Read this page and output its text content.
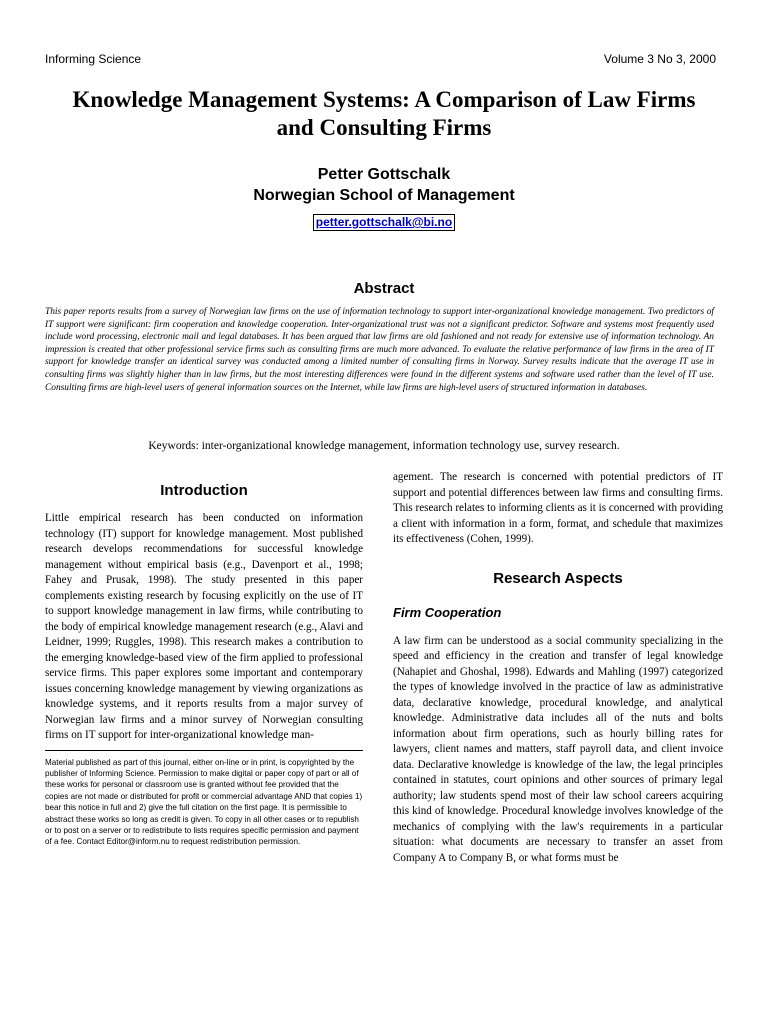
Informing Science	Volume 3 No 3, 2000
Knowledge Management Systems: A Comparison of Law Firms and Consulting Firms
Petter Gottschalk
Norwegian School of Management
petter.gottschalk@bi.no
Abstract

This paper reports results from a survey of Norwegian law firms on the use of information technology to support inter-organizational knowledge management. Two predictors of IT support were significant: firm cooperation and knowledge cooperation. Inter-organizational trust was not a significant predictor. Software and systems most frequently used include word processing, electronic mail and legal databases. It has been argued that law firms are old fashioned and not ready for extensive use of information technology. An impression is created that other professional service firms such as consulting firms are much more advanced. To evaluate the relative performance of law firms in the area of IT support for knowledge transfer an identical survey was conducted among a limited number of consulting firms in Norway. Survey results indicate that the average IT use in consulting firms was slightly higher than in law firms, but the most interesting differences were found in the different systems and software used rather than the level of IT use. Consulting firms are high-level users of general information sources on the Internet, while law firms are high-level users of structured information in databases.

Keywords: inter-organizational knowledge management, information technology use, survey research.
Introduction

Little empirical research has been conducted on information technology (IT) support for knowledge management. Most published research develops recommendations for successful knowledge management without empirical basis (e.g., Davenport et al., 1998; Fahey and Prusak, 1998). The study presented in this paper complements existing research by focusing explicitly on the use of IT to support knowledge management in law firms, while contributing to the body of empirical knowledge management research (e.g., Alavi and Leidner, 1999; Ruggles, 1998). This research makes a contribution to the emerging knowledge-based view of the firm applied to professional service firms. This paper explores some important and contemporary issues concerning knowledge management by viewing organizations as knowledge systems, and it reports results from a major survey of Norwegian law firms and a minor survey of Norwegian consulting firms on IT support for inter-organizational knowledge man-

Material published as part of this journal, either on-line or in print, is copyrighted by the publisher of Informing Science. Permission to make digital or paper copy of part or all of these works for personal or classroom use is granted without fee provided that the copies are not made or distributed for profit or commercial advantage AND that copies 1) bear this notice in full and 2) give the full citation on the first page. It is permissible to abstract these works so long as credit is given. To copy in all other cases or to republish or to post on a server or to redistribute to lists requires specific permission and payment of a fee. Contact Editor@inform.nu to request redistribution permission.

agement. The research is concerned with potential predictors of IT support and potential differences between law firms and consulting firms. This research relates to informing clients as it is concerned with providing a client with information in a form, format, and schedule that maximizes its effectiveness (Cohen, 1999).

Research Aspects
Firm Cooperation

A law firm can be understood as a social community specializing in the speed and efficiency in the creation and transfer of legal knowledge (Nahapiet and Ghoshal, 1998). Edwards and Mahling (1997) categorized the types of knowledge involved in the practice of law as administrative data, declarative knowledge, procedural knowledge, and analytical knowledge. Administrative data includes all of the nuts and bolts information about firm operations, such as hourly billing rates for lawyers, client names and matters, staff payroll data, and client invoice data. Declarative knowledge is knowledge of the law, the legal principles contained in statutes, court opinions and other sources of primary legal authority; law students spend most of their law school careers acquiring this kind of knowledge. Procedural knowledge involves knowledge of the mechanics of complying with the law's requirements in a particular situation: what documents are necessary to transfer an asset from Company A to Company B, or what forms must be
